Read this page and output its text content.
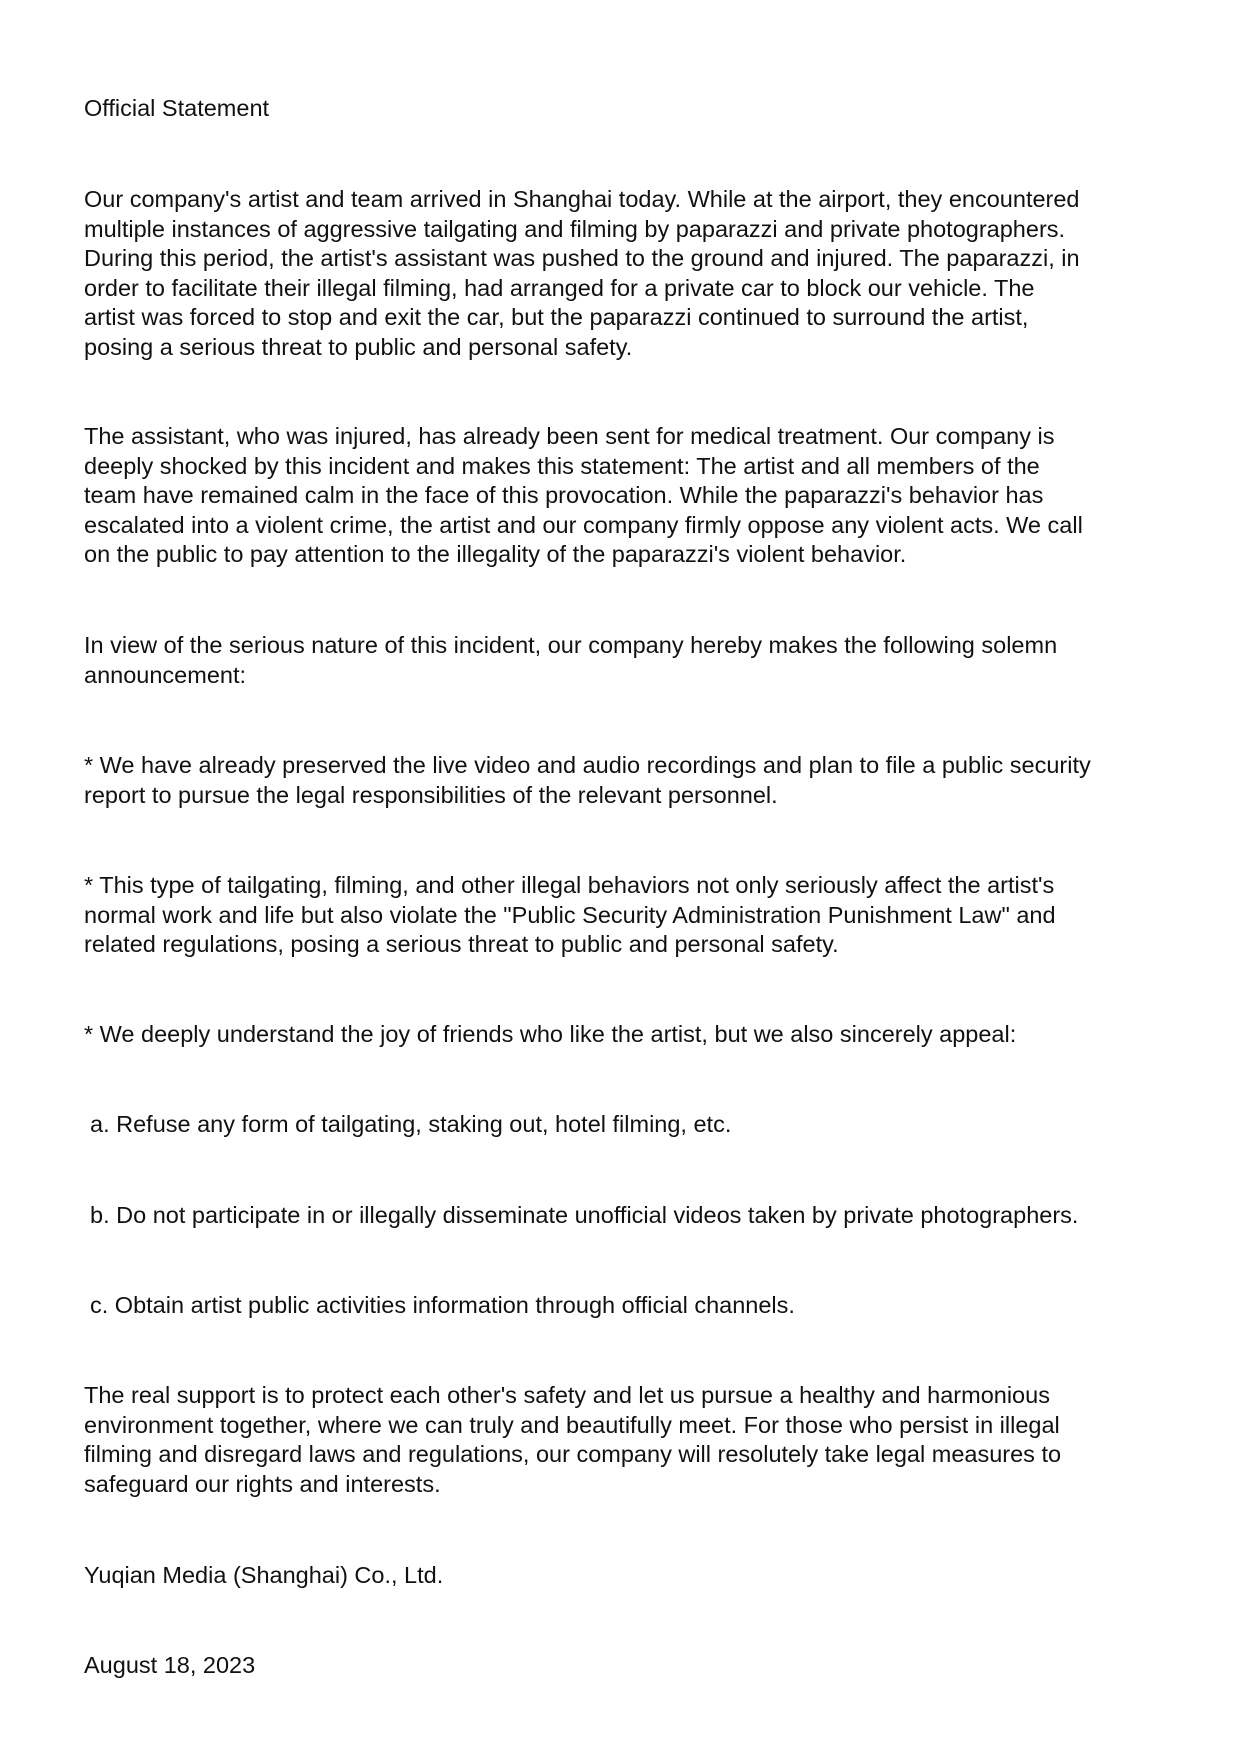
Official Statement

Our company's artist and team arrived in Shanghai today. While at the airport, they encountered
multiple instances of aggressive tailgating and filming by paparazzi and private photographers.
During this period, the artist's assistant was pushed to the ground and injured. The paparazzi, in
order to facilitate their illegal filming, had arranged for a private car to block our vehicle. The
artist was forced to stop and exit the car, but the paparazzi continued to surround the artist,
posing a serious threat to public and personal safety.

The assistant, who was injured, has already been sent for medical treatment. Our company is
deeply shocked by this incident and makes this statement: The artist and all members of the
team have remained calm in the face of this provocation. While the paparazzi's behavior has
escalated into a violent crime, the artist and our company firmly oppose any violent acts. We call
on the public to pay attention to the illegality of the paparazzi's violent behavior.

In view of the serious nature of this incident, our company hereby makes the following solemn
announcement:

* We have already preserved the live video and audio recordings and plan to file a public security
report to pursue the legal responsibilities of the relevant personnel.

* This type of tailgating, filming, and other illegal behaviors not only seriously affect the artist's
normal work and life but also violate the "Public Security Administration Punishment Law" and
related regulations, posing a serious threat to public and personal safety.

* We deeply understand the joy of friends who like the artist, but we also sincerely appeal:

a. Refuse any form of tailgating, staking out, hotel filming, etc.

b. Do not participate in or illegally disseminate unofficial videos taken by private photographers.

c. Obtain artist public activities information through official channels.

The real support is to protect each other's safety and let us pursue a healthy and harmonious
environment together, where we can truly and beautifully meet. For those who persist in illegal
filming and disregard laws and regulations, our company will resolutely take legal measures to
safeguard our rights and interests.

Yuqian Media (Shanghai) Co., Ltd.

August 18, 2023
